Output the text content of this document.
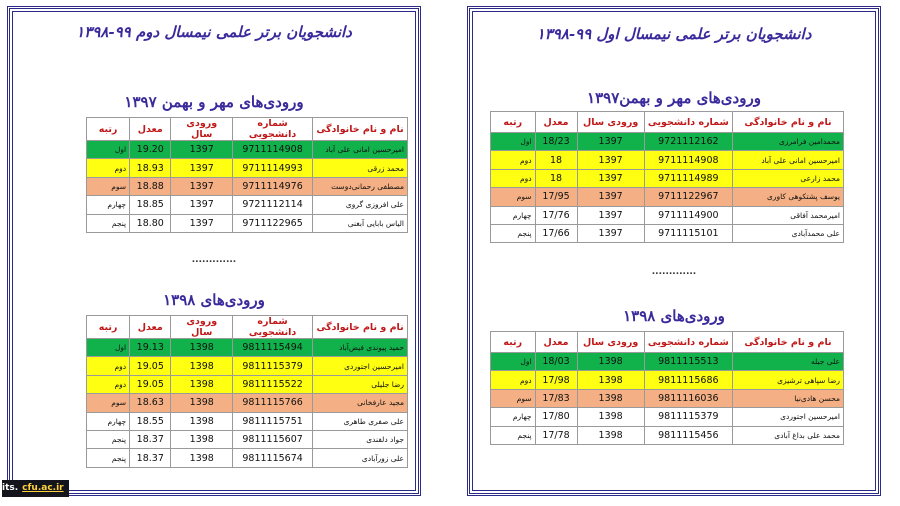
دانشجویان برتر علمی نیمسال دوم ۹۹-۱۳۹۸
ورودی‌های مهر و بهمن ۱۳۹۷
نام و نام خانوادگی	شماره دانشجویی	ورودی سال	معدل	رتبه
امیرحسین امانی علی آباد	9711114908	1397	19.20	اول
محمد زرقی	9711114993	1397	18.93	دوم
مصطفی رحمانی‌دوست	9711114976	1397	18.88	سوم
علی افروزی گروی	9721112114	1397	18.85	چهارم
الیاس بابایی آبغنی	9711122965	1397	18.80	پنجم
.............
ورودی‌های ۱۳۹۸
نام و نام خانوادگی	شماره دانشجویی	ورودی سال	معدل	رتبه
حمید پیوندی فیض‌آباد	9811115494	1398	19.13	اول
امیرحسین اجتوردی	9811115379	1398	19.05	دوم
رضا جلیلی	9811115522	1398	19.05	دوم
مجید عارفخانی	9811115766	1398	18.63	سوم
علی صفری طاهری	9811115751	1398	18.55	چهارم
جواد دلفندی	9811115607	1398	18.37	پنجم
علی زورآبادی	9811115674	1398	18.37	پنجم
دانشجویان برتر علمی نیمسال اول ۹۹-۱۳۹۸
ورودی‌های مهر و بهمن۱۳۹۷
نام و نام خانوادگی	شماره دانشجویی	ورودی سال	معدل	رتبه
محمدامین فرامرزی	9721112162	1397	18/23	اول
امیرحسین امانی علی آباد	9711114908	1397	18	دوم
محمد زارعی	9711114989	1397	18	دوم
یوسف پشتکوهی کاوری	9711122967	1397	17/95	سوم
امیرمحمد آفاقی	9711114900	1397	17/76	چهارم
علی محمدآبادی	9711115101	1397	17/66	پنجم
.............
ورودی‌های ۱۳۹۸
نام و نام خانوادگی	شماره دانشجویی	ورودی سال	معدل	رتبه
علی جبله	9811115513	1398	18/03	اول
رضا سپاهی ترشیزی	9811115686	1398	17/98	دوم
محسن هادی‌نیا	9811116036	1398	17/83	سوم
امیرحسین اجتوردی	9811115379	1398	17/80	چهارم
محمد علی بداغ آبادی	9811115456	1398	17/78	پنجم
its. cfu.ac.ir
